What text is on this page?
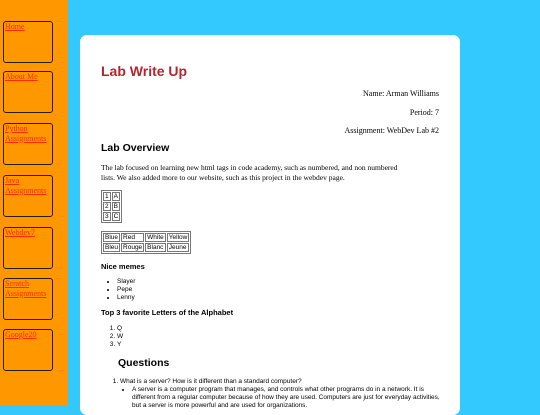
Home
About Me
Python Assignments
Java Assignments
Webdev7
Scratch Assignments
Google20
Lab Write Up

Name: Arman Williams

Period: 7

Assignment: WebDev Lab #2

Lab Overview

The lab focused on learning new html tags in code academy, such as numbered, and non numbered lists. We also added more to our website, such as this project in the webdev page.

1	A
2	B
3	C
Blue	Red	White	Yellow
Bleu	Rouge	Blanc	Jeune
Nice memes
• Slayer
• Pepe
• Lenny
Top 3 favorite Letters of the Alphabet
1. Q
2. W
3. Y
Questions
1. What is a server? How is it different than a standard computer?
• A server is a computer program that manages, and controls what other programs do in a network. It is different from a regular computer because of how they are used. Computers are just for everyday activities, but a server is more powerful and are used for organizations.
